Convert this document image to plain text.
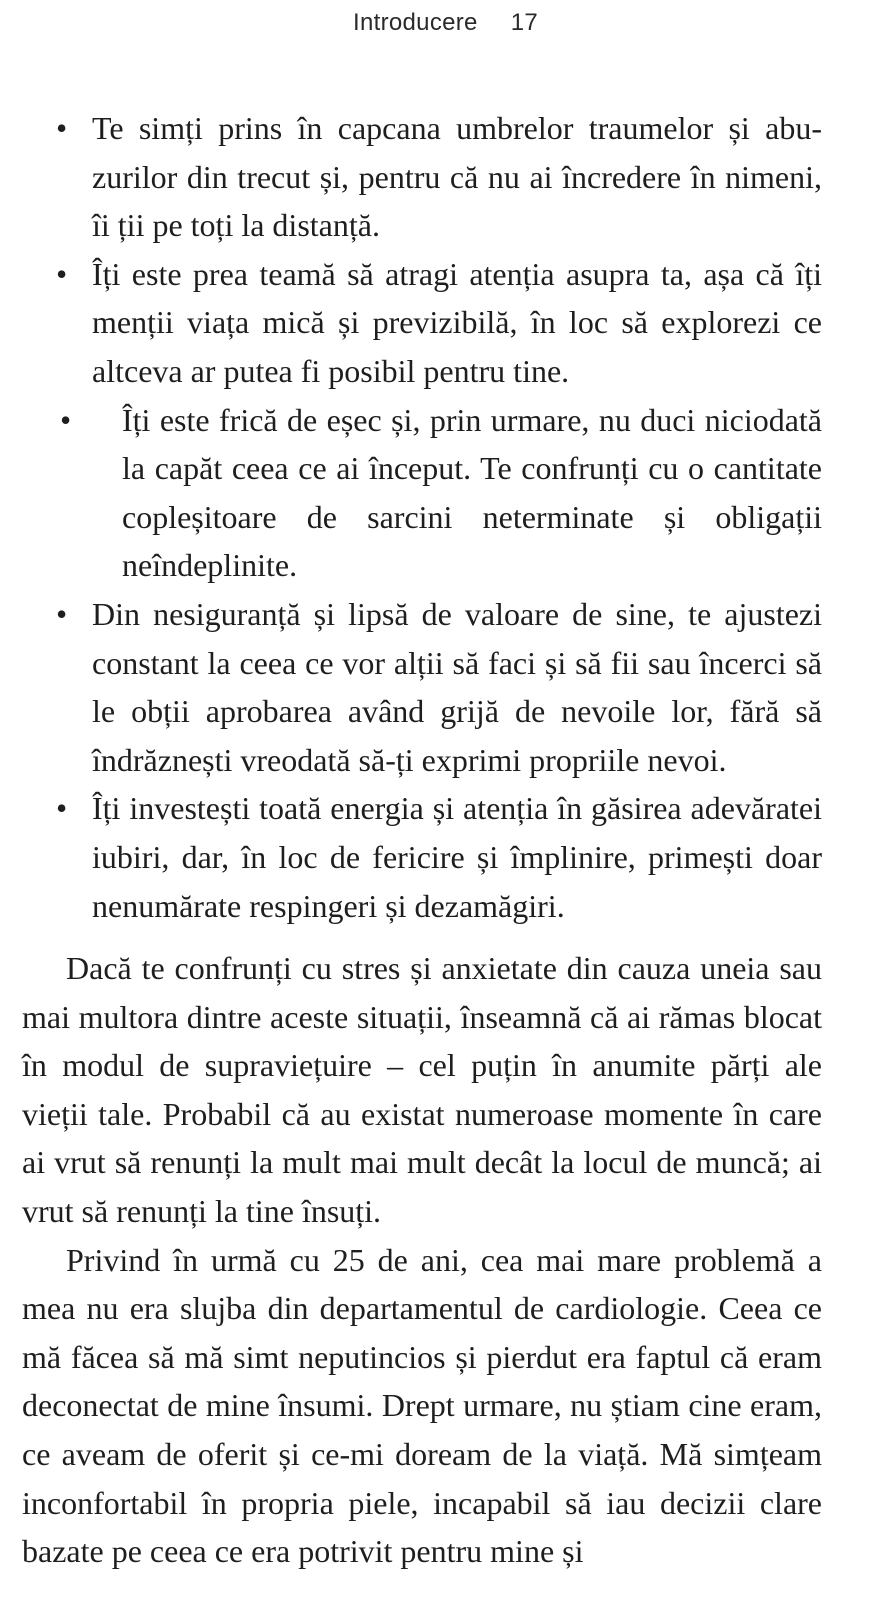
Introducere 17
• Te simți prins în capcana umbrelor traumelor și abuzurilor din trecut și, pentru că nu ai încredere în nimeni, îi ții pe toți la distanță.
• Îți este prea teamă să atragi atenția asupra ta, așa că îți menții viața mică și previzibilă, în loc să explorezi ce altceva ar putea fi posibil pentru tine.
• Îți este frică de eșec și, prin urmare, nu duci niciodată la capăt ceea ce ai început. Te confrunți cu o cantitate copleșitoare de sarcini neterminate și obligații neîndeplinite.
• Din nesiguranță și lipsă de valoare de sine, te ajustezi constant la ceea ce vor alții să faci și să fii sau încerci să le obții aprobarea având grijă de nevoile lor, fără să îndrăznești vreodată să-ți exprimi propriile nevoi.
• Îți investești toată energia și atenția în găsirea adevăratei iubiri, dar, în loc de fericire și împlinire, primești doar nenumărate respingeri și dezamăgiri.

Dacă te confrunți cu stres și anxietate din cauza uneia sau mai multora dintre aceste situații, înseamnă că ai rămas blocat în modul de supraviețuire – cel puțin în anumite părți ale vieții tale. Probabil că au existat numeroase momente în care ai vrut să renunți la mult mai mult decât la locul de muncă; ai vrut să renunți la tine însuți.

Privind în urmă cu 25 de ani, cea mai mare problemă a mea nu era slujba din departamentul de cardiologie. Ceea ce mă făcea să mă simt neputincios și pierdut era faptul că eram deconectat de mine însumi. Drept urmare, nu știam cine eram, ce aveam de oferit și ce-mi doream de la viață. Mă simțeam inconfortabil în propria piele, incapabil să iau decizii clare bazate pe ceea ce era potrivit pentru mine și
